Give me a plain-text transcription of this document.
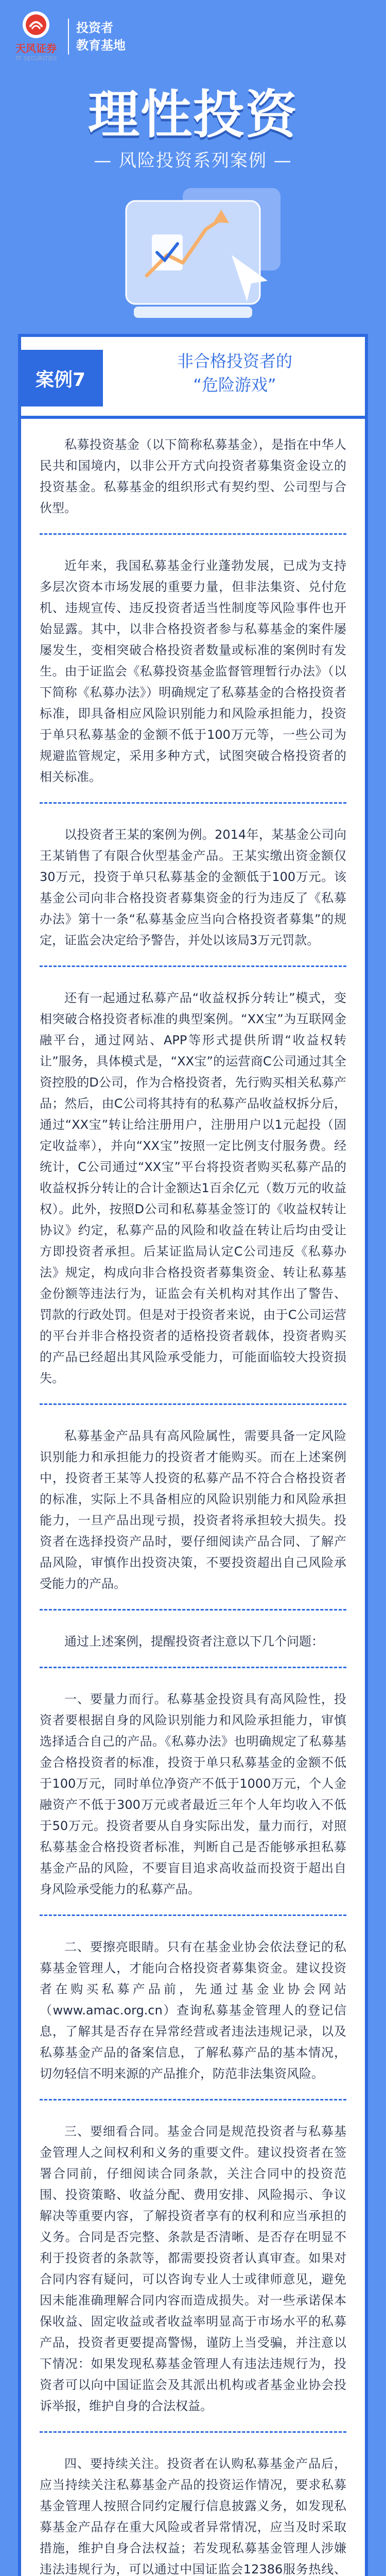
天风证券
TF SECURITIES
投资者
教育基地
理性投资
— 风险投资系列案例 —
案例7
非合格投资者的
“危险游戏”

私募投资基金（以下简称私募基金），是指在中华人民共和国境内，以非公开方式向投资者募集资金设立的投资基金。私募基金的组织形式有契约型、公司型与合伙型。

近年来，我国私募基金行业蓬勃发展，已成为支持多层次资本市场发展的重要力量，但非法集资、兑付危机、违规宣传、违反投资者适当性制度等风险事件也开始显露。其中，以非合格投资者参与私募基金的案件屡屡发生，变相突破合格投资者数量或标准的案例时有发生。由于证监会《私募投资基金监督管理暂行办法》（以下简称《私募办法》）明确规定了私募基金的合格投资者标准，即具备相应风险识别能力和风险承担能力，投资于单只私募基金的金额不低于100万元等，一些公司为规避监管规定，采用多种方式，试图突破合格投资者的相关标准。

以投资者王某的案例为例。2014年，某基金公司向王某销售了有限合伙型基金产品。王某实缴出资金额仅30万元，投资于单只私募基金的金额低于100万元。该基金公司向非合格投资者募集资金的行为违反了《私募办法》第十一条“私募基金应当向合格投资者募集”的规定，证监会决定给予警告，并处以该局3万元罚款。

还有一起通过私募产品“收益权拆分转让”模式，变相突破合格投资者标准的典型案例。“XX宝”为互联网金融平台，通过网站、APP等形式提供所谓“收益权转让”服务，具体模式是，“XX宝”的运营商C公司通过其全资控股的D公司，作为合格投资者，先行购买相关私募产品；然后，由C公司将其持有的私募产品收益权拆分后，通过“XX宝”转让给注册用户，注册用户以1元起投（固定收益率），并向“XX宝”按照一定比例支付服务费。经统计，C公司通过“XX宝”平台将投资者购买私募产品的收益权拆分转让的合计金额达1百余亿元（数万元的收益权）。此外，按照D公司和私募基金签订的《收益权转让协议》约定，私募产品的风险和收益在转让后均由受让方即投资者承担。后某证监局认定C公司违反《私募办法》规定，构成向非合格投资者募集资金、转让私募基金份额等违法行为，证监会有关机构对其作出了警告、罚款的行政处罚。但是对于投资者来说，由于C公司运营的平台并非合格投资者的适格投资者载体，投资者购买的产品已经超出其风险承受能力，可能面临较大投资损失。

私募基金产品具有高风险属性，需要具备一定风险识别能力和承担能力的投资者才能购买。而在上述案例中，投资者王某等人投资的私募产品不符合合格投资者的标准，实际上不具备相应的风险识别能力和风险承担能力，一旦产品出现亏损，投资者将承担较大损失。投资者在选择投资产品时，要仔细阅读产品合同、了解产品风险，审慎作出投资决策，不要投资超出自己风险承受能力的产品。

通过上述案例，提醒投资者注意以下几个问题：

一、要量力而行。私募基金投资具有高风险性，投资者要根据自身的风险识别能力和风险承担能力，审慎选择适合自己的产品。《私募办法》也明确规定了私募基金合格投资者的标准，投资于单只私募基金的金额不低于100万元，同时单位净资产不低于1000万元，个人金融资产不低于300万元或者最近三年个人年均收入不低于50万元。投资者要从自身实际出发，量力而行，对照私募基金合格投资者标准，判断自己是否能够承担私募基金产品的风险，不要盲目追求高收益而投资于超出自身风险承受能力的私募产品。

二、要擦亮眼睛。只有在基金业协会依法登记的私募基金管理人，才能向合格投资者募集资金。建议投资者在购买私募产品前，先通过基金业协会网站（www.amac.org.cn）查询私募基金管理人的登记信息，了解其是否存在异常经营或者违法违规记录，以及私募基金产品的备案信息，了解私募产品的基本情况，切勿轻信不明来源的产品推介，防范非法集资风险。

三、要细看合同。基金合同是规范投资者与私募基金管理人之间权利和义务的重要文件。建议投资者在签署合同前，仔细阅读合同条款，关注合同中的投资范围、投资策略、收益分配、费用安排、风险揭示、争议解决等重要内容，了解投资者享有的权利和应当承担的义务。合同是否完整、条款是否清晰、是否存在明显不利于投资者的条款等，都需要投资者认真审查。如果对合同内容有疑问，可以咨询专业人士或律师意见，避免因未能准确理解合同内容而造成损失。对一些承诺保本保收益、固定收益或者收益率明显高于市场水平的私募产品，投资者更要提高警惕，谨防上当受骗，并注意以下情况：如果发现私募基金管理人有违法违规行为，投资者可以向中国证监会及其派出机构或者基金业协会投诉举报，维护自身的合法权益。

四、要持续关注。投资者在认购私募基金产品后，应当持续关注私募基金产品的投资运作情况，要求私募基金管理人按照合同约定履行信息披露义务，如发现私募基金产品存在重大风险或者异常情况，应当及时采取措施，维护自身合法权益；若发现私募基金管理人涉嫌违法违规行为，可以通过中国证监会12386服务热线、
